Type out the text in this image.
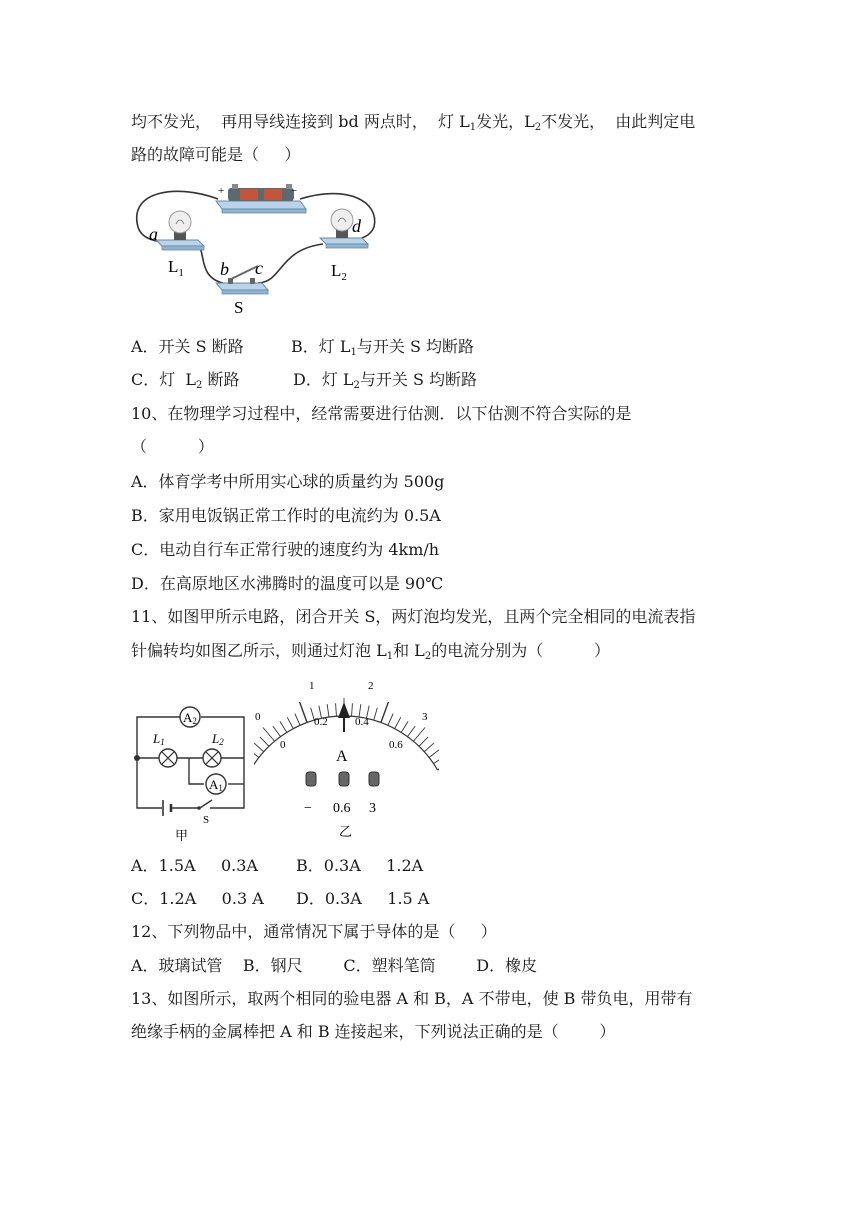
均不发光，  再用导线连接到 bd 两点时，  灯 $L_1$发光，$L_2$不发光，  由此判定电
路的故障可能是（     ）
+	−
a
b c
d
$L_1$	$L_2$
S
A．开关 S 断路	B．灯 $L_1$与开关 S 均断路
C．灯  $L_2$ 断路	D．灯 $L_2$与开关 S 均断路
10、在物理学习过程中，经常需要进行估测．以下估测不符合实际的是
（          ）
A．体育学考中所用实心球的质量约为 500g
B．家用电饭锅正常工作时的电流约为 0.5A
C．电动自行车正常行驶的速度约为 4km/h
D．在高原地区水沸腾时的温度可以是 90℃
11、如图甲所示电路，闭合开关 S，两灯泡均发光，且两个完全相同的电流表指
针偏转均如图乙所示，则通过灯泡 $L_1$和 $L_2$的电流分别为（          ）
A2
L1	L2
A1
S
甲
0
1	2
3
0
0.2 0.4
0.6
A
− 0.6 3
乙
A．1.5A     0.3A B．0.3A     1.2A
C．1.2A     0.3 A D．0.3A     1.5 A
12、下列物品中，通常情况下属于导体的是（     ）
A．玻璃试管    B．钢尺        C．塑料笔筒        D．橡皮
13、如图所示，取两个相同的验电器 A 和 B，A 不带电，使 B 带负电，用带有
绝缘手柄的金属棒把 A 和 B 连接起来，下列说法正确的是（        ）
